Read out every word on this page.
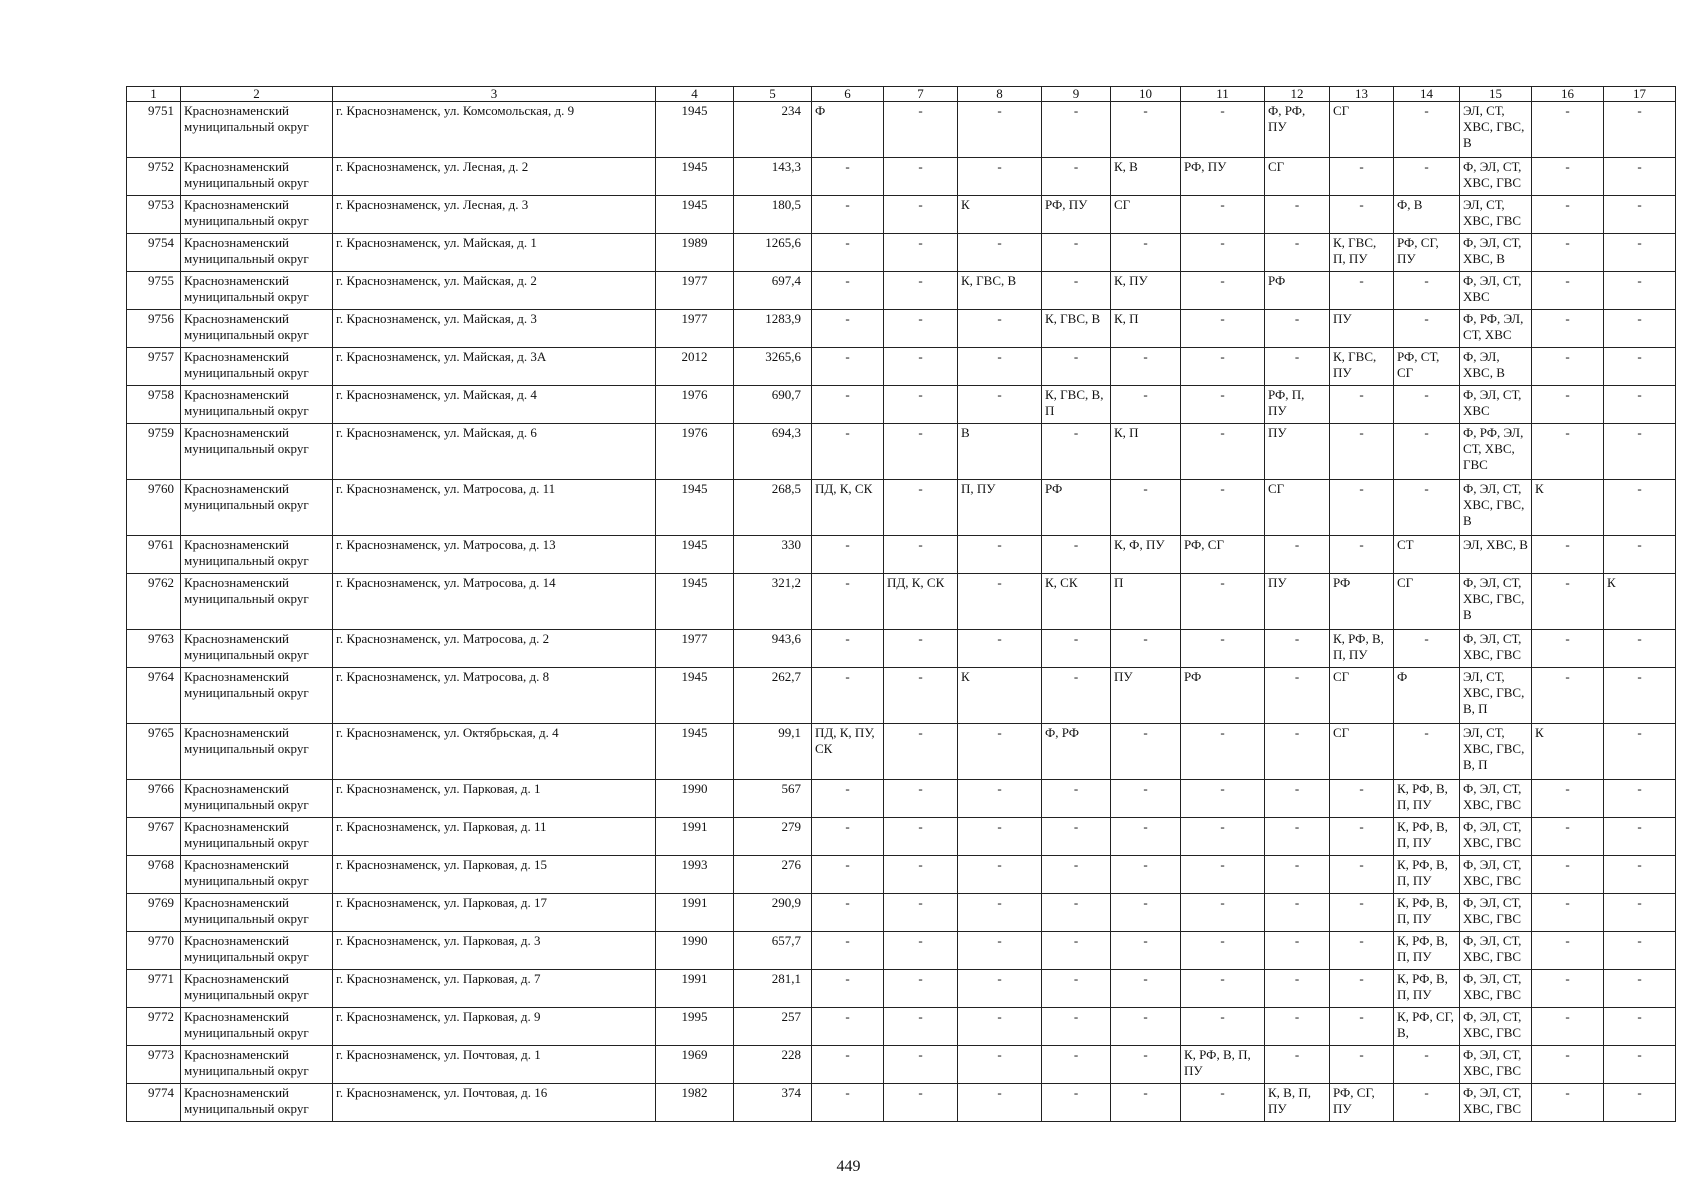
1	2	3	4	5	6	7	8	9	10	11	12	13	14	15	16	17
9751	Краснознаменский муниципальный округ	г. Краснознаменск, ул. Комсомольская, д. 9	1945	234	Ф	-	-	-	-	-	Ф, РФ, ПУ	СГ	-	ЭЛ, СТ, ХВС, ГВС, В	-	-
9752	Краснознаменский муниципальный округ	г. Краснознаменск, ул. Лесная, д. 2	1945	143,3	-	-	-	-	К, В	РФ, ПУ	СГ	-	-	Ф, ЭЛ, СТ, ХВС, ГВС	-	-
9753	Краснознаменский муниципальный округ	г. Краснознаменск, ул. Лесная, д. 3	1945	180,5	-	-	К	РФ, ПУ	СГ	-	-	-	Ф, В	ЭЛ, СТ, ХВС, ГВС	-	-
9754	Краснознаменский муниципальный округ	г. Краснознаменск, ул. Майская, д. 1	1989	1265,6	-	-	-	-	-	-	-	К, ГВС, П, ПУ	РФ, СГ, ПУ	Ф, ЭЛ, СТ, ХВС, В	-	-
9755	Краснознаменский муниципальный округ	г. Краснознаменск, ул. Майская, д. 2	1977	697,4	-	-	К, ГВС, В	-	К, ПУ	-	РФ	-	-	Ф, ЭЛ, СТ, ХВС	-	-
9756	Краснознаменский муниципальный округ	г. Краснознаменск, ул. Майская, д. 3	1977	1283,9	-	-	-	К, ГВС, В	К, П	-	-	ПУ	-	Ф, РФ, ЭЛ, СТ, ХВС	-	-
9757	Краснознаменский муниципальный округ	г. Краснознаменск, ул. Майская, д. 3А	2012	3265,6	-	-	-	-	-	-	-	К, ГВС, ПУ	РФ, СТ, СГ	Ф, ЭЛ, ХВС, В	-	-
9758	Краснознаменский муниципальный округ	г. Краснознаменск, ул. Майская, д. 4	1976	690,7	-	-	-	К, ГВС, В, П	-	-	РФ, П, ПУ	-	-	Ф, ЭЛ, СТ, ХВС	-	-
9759	Краснознаменский муниципальный округ	г. Краснознаменск, ул. Майская, д. 6	1976	694,3	-	-	В	-	К, П	-	ПУ	-	-	Ф, РФ, ЭЛ, СТ, ХВС, ГВС	-	-
9760	Краснознаменский муниципальный округ	г. Краснознаменск, ул. Матросова, д. 11	1945	268,5	ПД, К, СК	-	П, ПУ	РФ	-	-	СГ	-	-	Ф, ЭЛ, СТ, ХВС, ГВС, В	К	-
9761	Краснознаменский муниципальный округ	г. Краснознаменск, ул. Матросова, д. 13	1945	330	-	-	-	-	К, Ф, ПУ	РФ, СГ	-	-	СТ	ЭЛ, ХВС, В	-	-
9762	Краснознаменский муниципальный округ	г. Краснознаменск, ул. Матросова, д. 14	1945	321,2	-	ПД, К, СК	-	К, СК	П	-	ПУ	РФ	СГ	Ф, ЭЛ, СТ, ХВС, ГВС, В	-	К
9763	Краснознаменский муниципальный округ	г. Краснознаменск, ул. Матросова, д. 2	1977	943,6	-	-	-	-	-	-	-	К, РФ, В, П, ПУ	-	Ф, ЭЛ, СТ, ХВС, ГВС	-	-
9764	Краснознаменский муниципальный округ	г. Краснознаменск, ул. Матросова, д. 8	1945	262,7	-	-	К	-	ПУ	РФ	-	СГ	Ф	ЭЛ, СТ, ХВС, ГВС, В, П	-	-
9765	Краснознаменский муниципальный округ	г. Краснознаменск, ул. Октябрьская, д. 4	1945	99,1	ПД, К, ПУ, СК	-	-	Ф, РФ	-	-	-	СГ	-	ЭЛ, СТ, ХВС, ГВС, В, П	К	-
9766	Краснознаменский муниципальный округ	г. Краснознаменск, ул. Парковая, д. 1	1990	567	-	-	-	-	-	-	-	-	К, РФ, В, П, ПУ	Ф, ЭЛ, СТ, ХВС, ГВС	-	-
9767	Краснознаменский муниципальный округ	г. Краснознаменск, ул. Парковая, д. 11	1991	279	-	-	-	-	-	-	-	-	К, РФ, В, П, ПУ	Ф, ЭЛ, СТ, ХВС, ГВС	-	-
9768	Краснознаменский муниципальный округ	г. Краснознаменск, ул. Парковая, д. 15	1993	276	-	-	-	-	-	-	-	-	К, РФ, В, П, ПУ	Ф, ЭЛ, СТ, ХВС, ГВС	-	-
9769	Краснознаменский муниципальный округ	г. Краснознаменск, ул. Парковая, д. 17	1991	290,9	-	-	-	-	-	-	-	-	К, РФ, В, П, ПУ	Ф, ЭЛ, СТ, ХВС, ГВС	-	-
9770	Краснознаменский муниципальный округ	г. Краснознаменск, ул. Парковая, д. 3	1990	657,7	-	-	-	-	-	-	-	-	К, РФ, В, П, ПУ	Ф, ЭЛ, СТ, ХВС, ГВС	-	-
9771	Краснознаменский муниципальный округ	г. Краснознаменск, ул. Парковая, д. 7	1991	281,1	-	-	-	-	-	-	-	-	К, РФ, В, П, ПУ	Ф, ЭЛ, СТ, ХВС, ГВС	-	-
9772	Краснознаменский муниципальный округ	г. Краснознаменск, ул. Парковая, д. 9	1995	257	-	-	-	-	-	-	-	-	К, РФ, СГ, В,	Ф, ЭЛ, СТ, ХВС, ГВС	-	-
9773	Краснознаменский муниципальный округ	г. Краснознаменск, ул. Почтовая, д. 1	1969	228	-	-	-	-	-	К, РФ, В, П, ПУ	-	-	-	Ф, ЭЛ, СТ, ХВС, ГВС	-	-
9774	Краснознаменский муниципальный округ	г. Краснознаменск, ул. Почтовая, д. 16	1982	374	-	-	-	-	-	-	К, В, П, ПУ	РФ, СГ, ПУ	-	Ф, ЭЛ, СТ, ХВС, ГВС	-	-
449
